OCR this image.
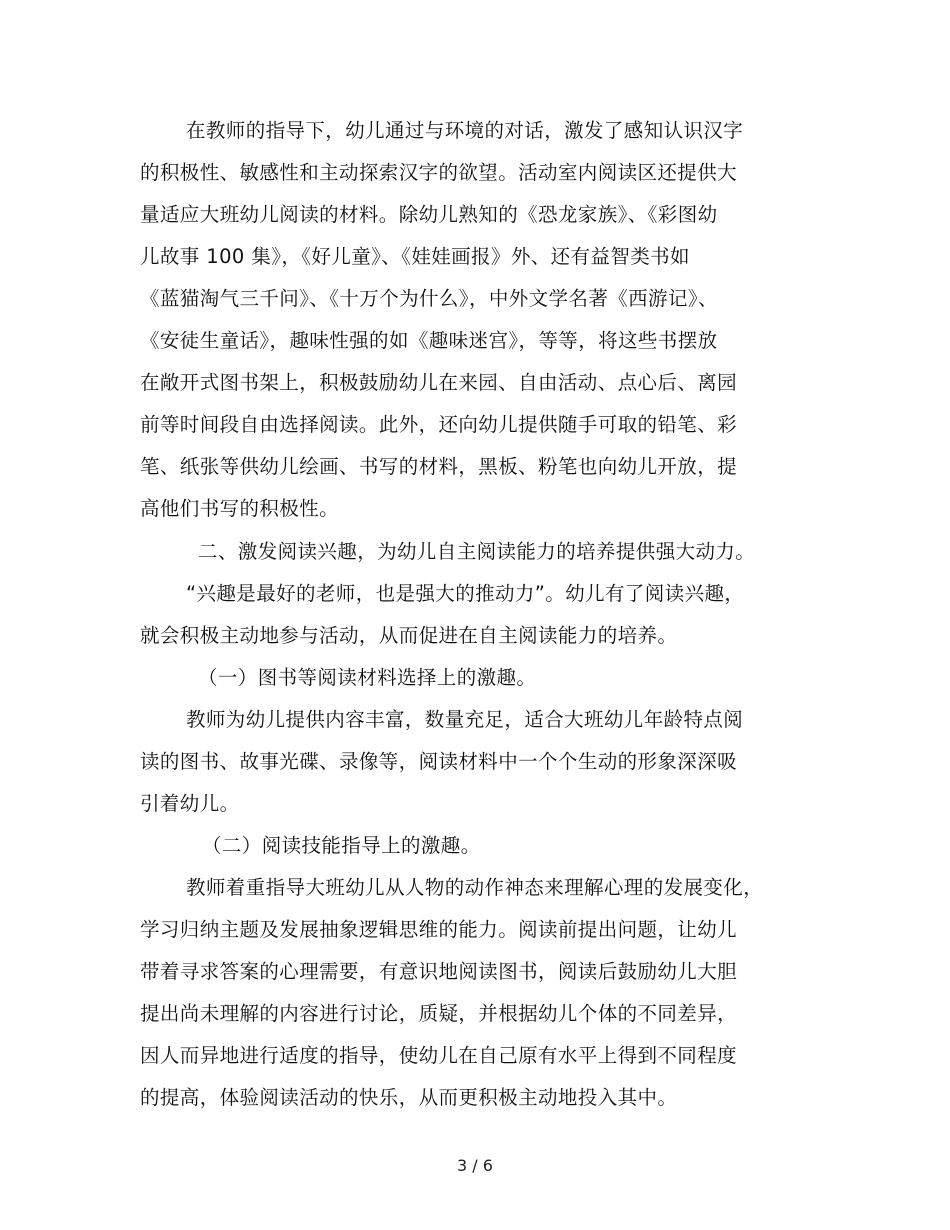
在教师的指导下，幼儿通过与环境的对话，激发了感知认识汉字
的积极性、敏感性和主动探索汉字的欲望。活动室内阅读区还提供大
量适应大班幼儿阅读的材料。除幼儿熟知的《恐龙家族》、《彩图幼
儿故事 100 集》，《好儿童》、《娃娃画报》外、还有益智类书如
《蓝猫淘气三千问》、《十万个为什么》，中外文学名著《西游记》、
《安徒生童话》，趣味性强的如《趣味迷宫》，等等，将这些书摆放
在敞开式图书架上，积极鼓励幼儿在来园、自由活动、点心后、离园
前等时间段自由选择阅读。此外，还向幼儿提供随手可取的铅笔、彩
笔、纸张等供幼儿绘画、书写的材料，黑板、粉笔也向幼儿开放，提
高他们书写的积极性。
二、激发阅读兴趣，为幼儿自主阅读能力的培养提供强大动力。
“兴趣是最好的老师，也是强大的推动力”。幼儿有了阅读兴趣，
就会积极主动地参与活动，从而促进在自主阅读能力的培养。
（一）图书等阅读材料选择上的激趣。
教师为幼儿提供内容丰富，数量充足，适合大班幼儿年龄特点阅
读的图书、故事光碟、录像等，阅读材料中一个个生动的形象深深吸
引着幼儿。
（二）阅读技能指导上的激趣。
教师着重指导大班幼儿从人物的动作神态来理解心理的发展变化，
学习归纳主题及发展抽象逻辑思维的能力。阅读前提出问题，让幼儿
带着寻求答案的心理需要，有意识地阅读图书，阅读后鼓励幼儿大胆
提出尚未理解的内容进行讨论，质疑，并根据幼儿个体的不同差异，
因人而异地进行适度的指导，使幼儿在自己原有水平上得到不同程度
的提高，体验阅读活动的快乐，从而更积极主动地投入其中。
3 / 6
